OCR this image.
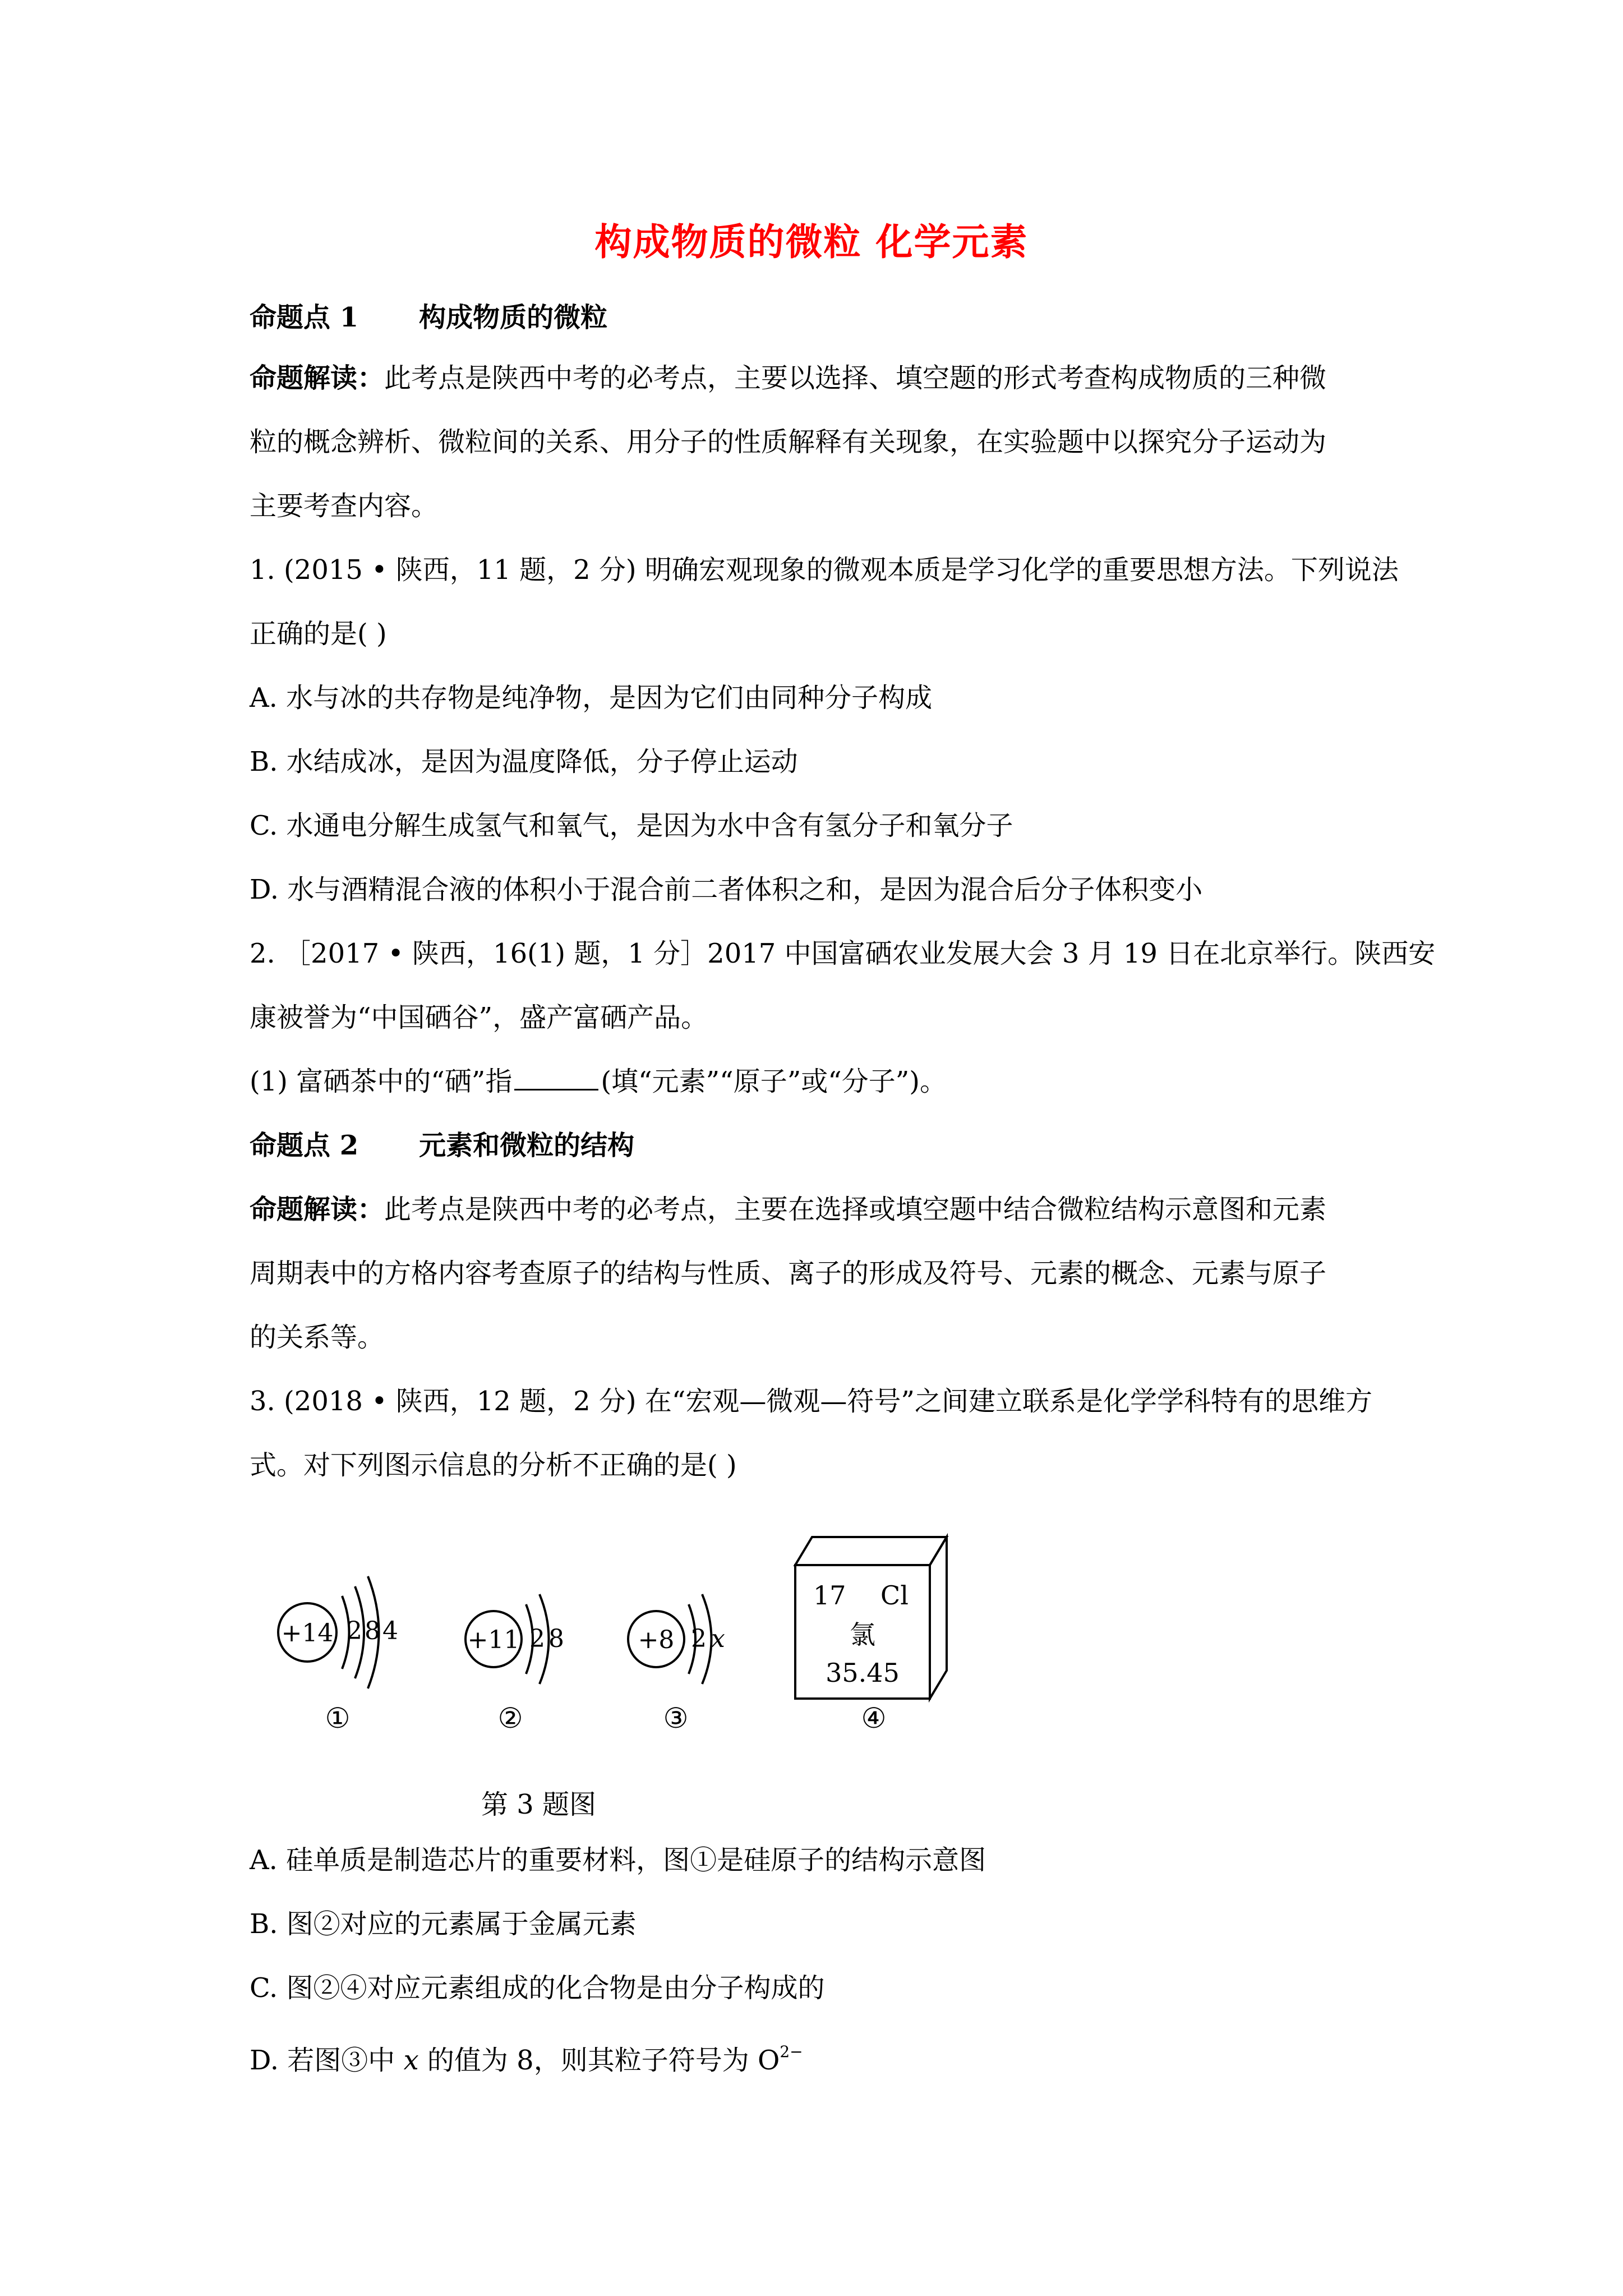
构成物质的微粒 化学元素
命题点 1 构成物质的微粒
命题解读：此考点是陕西中考的必考点，主要以选择、填空题的形式考查构成物质的三种微
粒的概念辨析、微粒间的关系、用分子的性质解释有关现象，在实验题中以探究分子运动为
主要考查内容。
1. (2015 • 陕西，11 题，2 分) 明确宏观现象的微观本质是学习化学的重要思想方法。下列说法
正确的是( )
A. 水与冰的共存物是纯净物，是因为它们由同种分子构成
B. 水结成冰，是因为温度降低，分子停止运动
C. 水通电分解生成氢气和氧气，是因为水中含有氢分子和氧分子
D. 水与酒精混合液的体积小于混合前二者体积之和，是因为混合后分子体积变小
2. ［2017 • 陕西，16(1) 题，1 分］2017 中国富硒农业发展大会 3 月 19 日在北京举行。陕西安
康被誉为“中国硒谷”，盛产富硒产品。
(1) 富硒茶中的“硒”指	(填“元素”“原子”或“分子”)。
命题点 2 元素和微粒的结构
命题解读：此考点是陕西中考的必考点，主要在选择或填空题中结合微粒结构示意图和元素
周期表中的方格内容考查原子的结构与性质、离子的形成及符号、元素的概念、元素与原子
的关系等。
3. (2018 • 陕西，12 题，2 分) 在“宏观—微观—符号”之间建立联系是化学学科特有的思维方
式。对下列图示信息的分析不正确的是( )
+14 284
①
+11 28
②
+8 2 x
③
17 Cl
氯
35.45
④
第 3 题图
A. 硅单质是制造芯片的重要材料，图①是硅原子的结构示意图
B. 图②对应的元素属于金属元素
C. 图②④对应元素组成的化合物是由分子构成的
D. 若图③中 x 的值为 8，则其粒子符号为 $O^{2-}$
